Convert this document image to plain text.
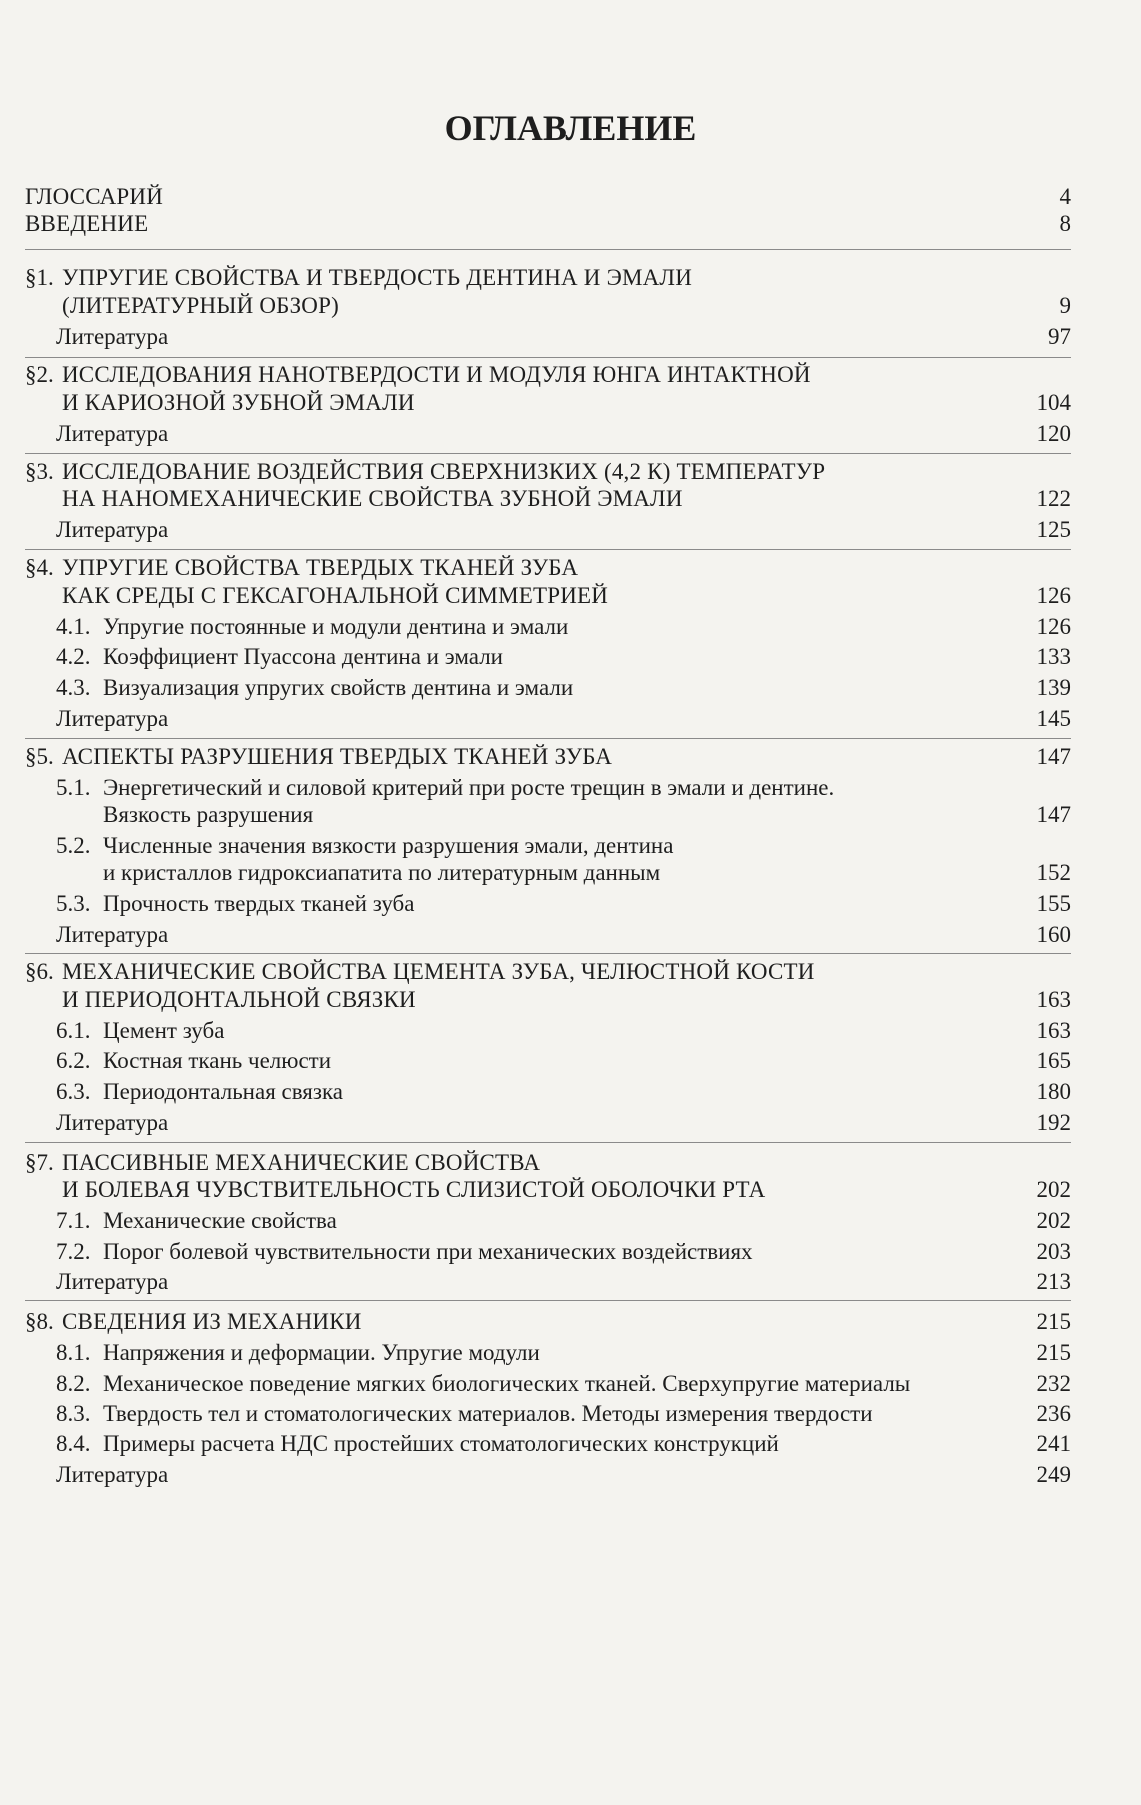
ОГЛАВЛЕНИЕ
ГЛОССАРИЙ	4
ВВЕДЕНИЕ	8
§1. УПРУГИЕ СВОЙСТВА И ТВЕРДОСТЬ ДЕНТИНА И ЭМАЛИ
(ЛИТЕРАТУРНЫЙ ОБЗОР)	9
Литература	97
§2. ИССЛЕДОВАНИЯ НАНОТВЕРДОСТИ И МОДУЛЯ ЮНГА ИНТАКТНОЙ
И КАРИОЗНОЙ ЗУБНОЙ ЭМАЛИ	104
Литература	120
§3. ИССЛЕДОВАНИЕ ВОЗДЕЙСТВИЯ СВЕРХНИЗКИХ (4,2 К) ТЕМПЕРАТУР
НА НАНОМЕХАНИЧЕСКИЕ СВОЙСТВА ЗУБНОЙ ЭМАЛИ	122
Литература	125
§4. УПРУГИЕ СВОЙСТВА ТВЕРДЫХ ТКАНЕЙ ЗУБА
КАК СРЕДЫ С ГЕКСАГОНАЛЬНОЙ СИММЕТРИЕЙ	126
4.1. Упругие постоянные и модули дентина и эмали	126
4.2. Коэффициент Пуассона дентина и эмали	133
4.3. Визуализация упругих свойств дентина и эмали	139
Литература	145
§5. АСПЕКТЫ РАЗРУШЕНИЯ ТВЕРДЫХ ТКАНЕЙ ЗУБА	147
5.1. Энергетический и силовой критерий при росте трещин в эмали и дентине.
Вязкость разрушения	147
5.2. Численные значения вязкости разрушения эмали, дентина
и кристаллов гидроксиапатита по литературным данным	152
5.3. Прочность твердых тканей зуба	155
Литература	160
§6. МЕХАНИЧЕСКИЕ СВОЙСТВА ЦЕМЕНТА ЗУБА, ЧЕЛЮСТНОЙ КОСТИ
И ПЕРИОДОНТАЛЬНОЙ СВЯЗКИ	163
6.1. Цемент зуба	163
6.2. Костная ткань челюсти	165
6.3. Периодонтальная связка	180
Литература	192
§7. ПАССИВНЫЕ МЕХАНИЧЕСКИЕ СВОЙСТВА
И БОЛЕВАЯ ЧУВСТВИТЕЛЬНОСТЬ СЛИЗИСТОЙ ОБОЛОЧКИ РТА	202
7.1. Механические свойства	202
7.2. Порог болевой чувствительности при механических воздействиях	203
Литература	213
§8. СВЕДЕНИЯ ИЗ МЕХАНИКИ	215
8.1. Напряжения и деформации. Упругие модули	215
8.2. Механическое поведение мягких биологических тканей. Сверхупругие материалы	232
8.3. Твердость тел и стоматологических материалов. Методы измерения твердости	236
8.4. Примеры расчета НДС простейших стоматологических конструкций	241
Литература	249
